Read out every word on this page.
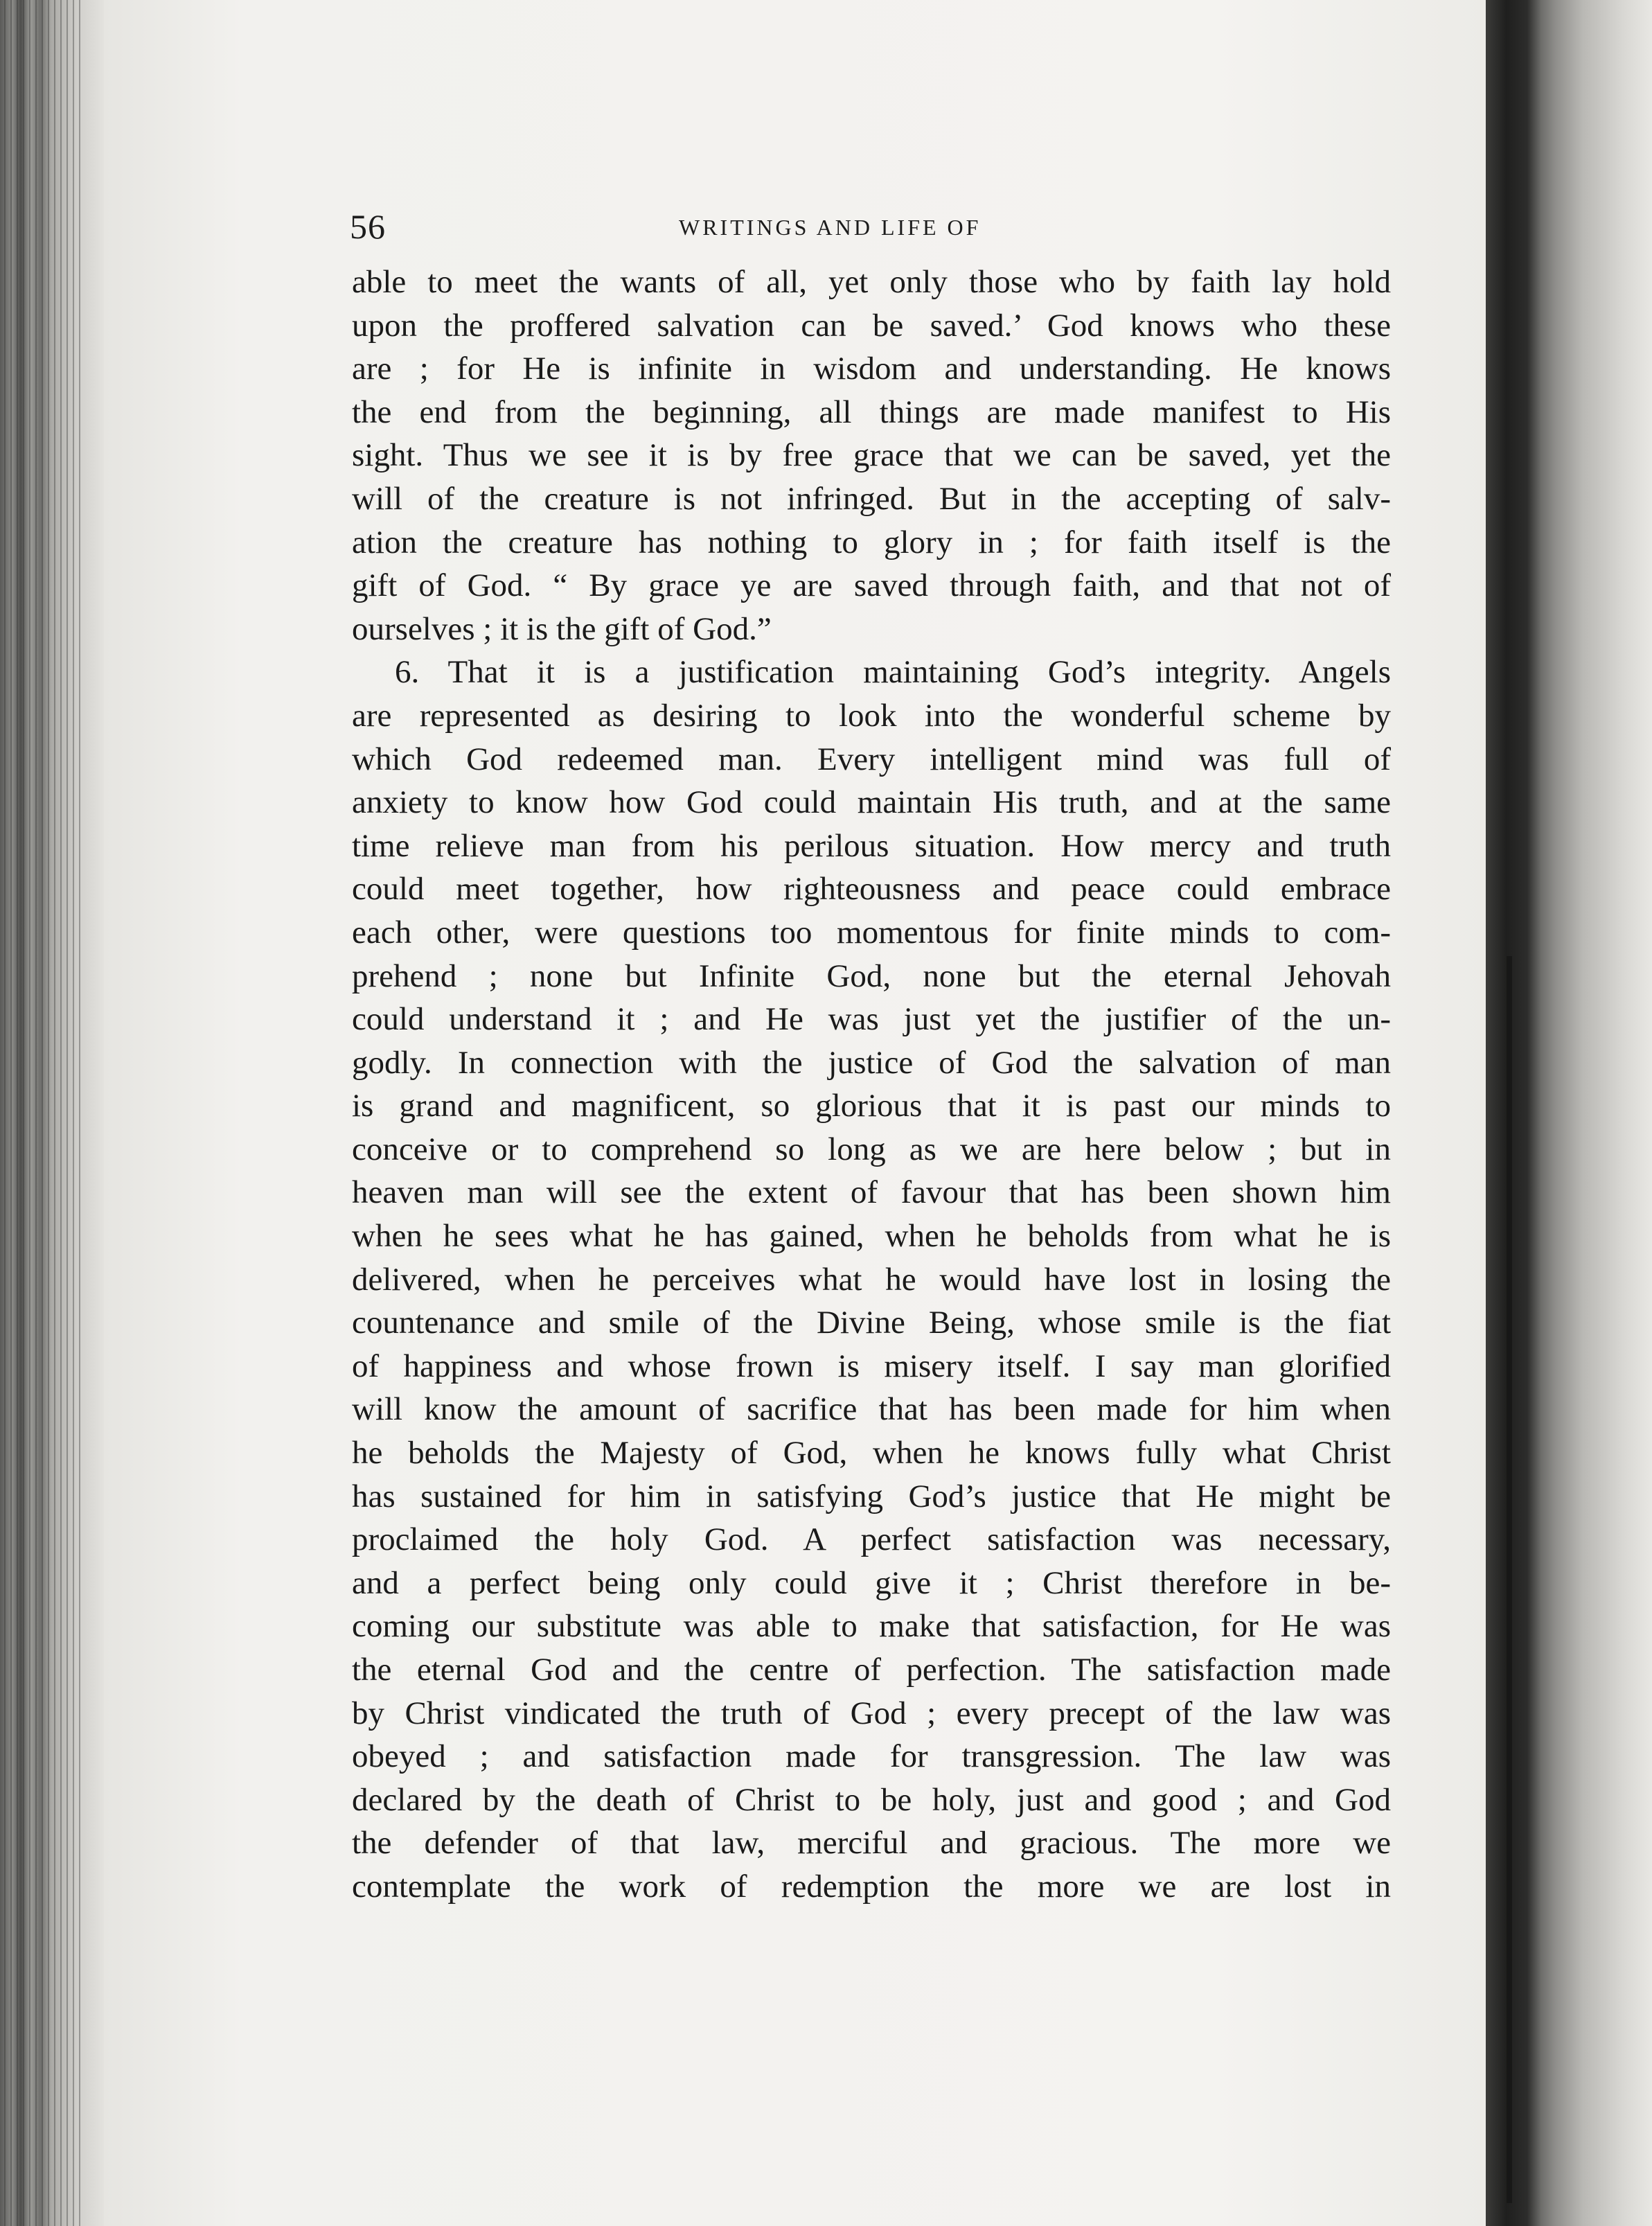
56	WRITINGS AND LIFE OF
able to meet the wants of all, yet only those who by faith lay hold
upon the proffered salvation can be saved.’ God knows who these
are ; for He is infinite in wisdom and understanding. He knows
the end from the beginning, all things are made manifest to His
sight. Thus we see it is by free grace that we can be saved, yet the
will of the creature is not infringed. But in the accepting of salv-
ation the creature has nothing to glory in ; for faith itself is the
gift of God. “ By grace ye are saved through faith, and that not of
ourselves ; it is the gift of God.”
6. That it is a justification maintaining God’s integrity. Angels
are represented as desiring to look into the wonderful scheme by
which God redeemed man. Every intelligent mind was full of
anxiety to know how God could maintain His truth, and at the same
time relieve man from his perilous situation. How mercy and truth
could meet together, how righteousness and peace could embrace
each other, were questions too momentous for finite minds to com-
prehend ; none but Infinite God, none but the eternal Jehovah
could understand it ; and He was just yet the justifier of the un-
godly. In connection with the justice of God the salvation of man
is grand and magnificent, so glorious that it is past our minds to
conceive or to comprehend so long as we are here below ; but in
heaven man will see the extent of favour that has been shown him
when he sees what he has gained, when he beholds from what he is
delivered, when he perceives what he would have lost in losing the
countenance and smile of the Divine Being, whose smile is the fiat
of happiness and whose frown is misery itself. I say man glorified
will know the amount of sacrifice that has been made for him when
he beholds the Majesty of God, when he knows fully what Christ
has sustained for him in satisfying God’s justice that He might be
proclaimed the holy God. A perfect satisfaction was necessary,
and a perfect being only could give it ; Christ therefore in be-
coming our substitute was able to make that satisfaction, for He was
the eternal God and the centre of perfection. The satisfaction made
by Christ vindicated the truth of God ; every precept of the law was
obeyed ; and satisfaction made for transgression. The law was
declared by the death of Christ to be holy, just and good ; and God
the defender of that law, merciful and gracious. The more we
contemplate the work of redemption the more we are lost in
